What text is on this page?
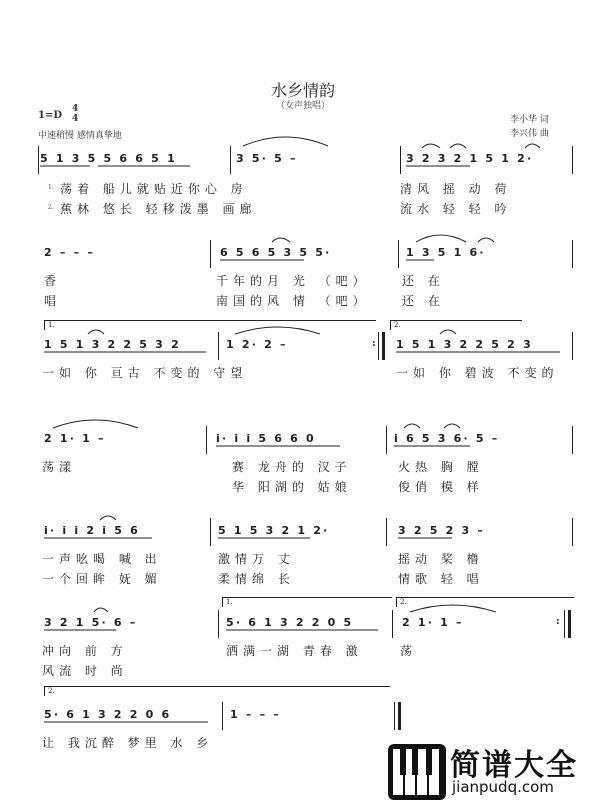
水乡情韵
（女声独唱）
1=D
4
4
中速稍慢 感情真挚地
李小华 词
李兴伟 曲
5 1 3 5 5 6 6 5 1	3 5· 5 –	3 2 3 2 1 5 1 2·
1. 荡着 船儿就贴近你心 房	清风 摇 动 荷
2. 蕉林 悠长 轻移泼墨 画廊	流水 轻 轻 吟
2 – – –	6 5 6 5 3 5 5·	1 3 5 1 6·
香	千年的月 光 （吧）	还 在
唱	南国的风 情 （吧）	还 在
1.	2.
:
1 5 1 3 2 2 5 3 2	1 2· 2 –	1 5 1 3 2 2 5 2 3
一如 你 亘古 不变的 守望	一如 你 碧波 不变的
2 1· 1 –	i· i i 5 6 6 0	i 6 5 3 6· 5 –
荡漾	赛 龙舟的 汉子	火热 胸 膛
华 阳湖的 姑娘	俊俏 模 样
i· i i 2 i 5 6	5 1 5 3 2 1 2·	3 2 5 2 3 –
一声吆喝 喊 出	激情万 丈	摇动 桨 橹
一个回眸 妩 媚	柔情绵 长	情歌 轻 唱
1.	2.
:
3 2 1 5· 6 –	5· 6 1 3 2 2 0 5	2 1· 1 –
冲向 前 方	洒满一湖 青春 激	荡
风流 时 尚
2.
5· 6 1 3 2 2 0 6	1 – – –
让 我沉醉 梦里 水 乡
简谱大全
jianpudq.com
